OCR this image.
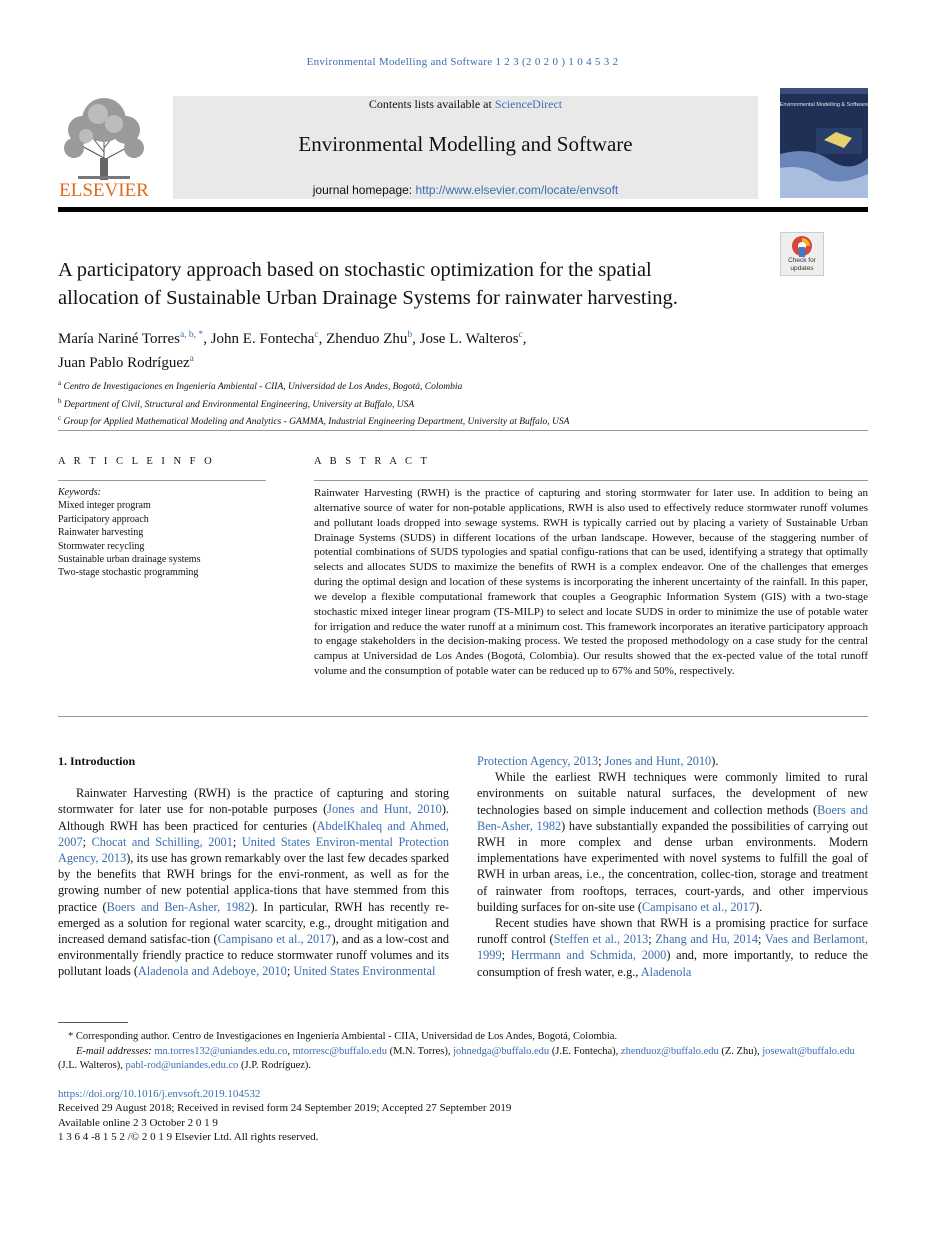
Environmental Modelling and Software 1 2 3 (2 0 2 0 ) 1 0 4 5 3 2
ELSEVIER
Contents lists available at ScienceDirect
Environmental Modelling and Software
journal homepage: http://www.elsevier.com/locate/envsoft
Environmental Modelling & Software
Check for updates
A participatory approach based on stochastic optimization for the spatial
allocation of Sustainable Urban Drainage Systems for rainwater harvesting.
María Nariné Torres$^{a, b, *}$, John E. Fontecha$^c$, Zhenduo Zhu$^b$, Jose L. Walteros$^c$,
Juan Pablo Rodríguez$^a$
$^a$ Centro de Investigaciones en Ingeniería Ambiental - CIIA, Universidad de Los Andes, Bogotá, Colombia
$^b$ Department of Civil, Structural and Environmental Engineering, University at Buffalo, USA
$^c$ Group for Applied Mathematical Modeling and Analytics - GAMMA, Industrial Engineering Department, University at Buffalo, USA
A R T I C L E I N F O
Keywords:
Mixed integer program
Participatory approach
Rainwater harvesting
Stormwater recycling
Sustainable urban drainage systems
Two-stage stochastic programming
A B S T R A C T
Rainwater Harvesting (RWH) is the practice of capturing and storing stormwater for later use. In addition to being an alternative source of water for non-potable applications, RWH is also used to effectively reduce stormwater runoff volumes and pollutant loads dropped into sewage systems. RWH is typically carried out by placing a variety of Sustainable Urban Drainage Systems (SUDS) in different locations of the urban landscape. However, because of the staggering number of potential combinations of SUDS typologies and spatial configu-rations that can be used, identifying a strategy that optimally selects and allocates SUDS to maximize the benefits of RWH is a complex endeavor. One of the challenges that emerges during the optimal design and location of these systems is incorporating the inherent uncertainty of the rainfall. In this paper, we develop a flexible computational framework that couples a Geographic Information System (GIS) with a two-stage stochastic mixed integer linear program (TS-MILP) to select and locate SUDS in order to minimize the use of potable water for irrigation and reduce the water runoff at a minimum cost. This framework incorporates an iterative participatory approach to engage stakeholders in the decision-making process. We tested the proposed methodology on a case study for the central campus at Universidad de Los Andes (Bogotá, Colombia). Our results showed that the ex-pected value of the total runoff volume and the consumption of potable water can be reduced up to 67% and 50%, respectively.
1. Introduction

Rainwater Harvesting (RWH) is the practice of capturing and storing stormwater for later use for non-potable purposes (Jones and Hunt, 2010). Although RWH has been practiced for centuries (AbdelKhaleq and Ahmed, 2007; Chocat and Schilling, 2001; United States Environ-mental Protection Agency, 2013), its use has grown remarkably over the last few decades sparked by the benefits that RWH brings for the envi-ronment, as well as for the growing number of new potential applica-tions that have stemmed from this practice (Boers and Ben-Asher, 1982). In particular, RWH has recently re-emerged as a solution for regional water scarcity, e.g., drought mitigation and increased demand satisfac-tion (Campisano et al., 2017), and as a low-cost and environmentally friendly practice to reduce stormwater runoff volumes and its pollutant loads (Aladenola and Adeboye, 2010; United States Environmental

Protection Agency, 2013; Jones and Hunt, 2010).

While the earliest RWH techniques were commonly limited to rural environments on suitable natural surfaces, the development of new technologies based on simple inducement and collection methods (Boers and Ben-Asher, 1982) have substantially expanded the possibilities of carrying out RWH in more complex and dense urban environments. Modern implementations have experimented with novel systems to fulfill the goal of RWH in urban areas, i.e., the concentration, collec-tion, storage and treatment of rainwater from rooftops, terraces, court-yards, and other impervious building surfaces for on-site use (Campisano et al., 2017).

Recent studies have shown that RWH is a promising practice for surface runoff control (Steffen et al., 2013; Zhang and Hu, 2014; Vaes and Berlamont, 1999; Herrmann and Schmida, 2000) and, more importantly, to reduce the consumption of fresh water, e.g., Aladenola

* Corresponding author. Centro de Investigaciones en Ingeniería Ambiental - CIIA, Universidad de Los Andes, Bogotá, Colombia.
E-mail addresses: mn.torres132@uniandes.edu.co, mtorresc@buffalo.edu (M.N. Torres), johnedga@buffalo.edu (J.E. Fontecha), zhenduoz@buffalo.edu (Z. Zhu), josewalt@buffalo.edu (J.L. Walteros), pabl-rod@uniandes.edu.co (J.P. Rodríguez).
https://doi.org/10.1016/j.envsoft.2019.104532
Received 29 August 2018; Received in revised form 24 September 2019; Accepted 27 September 2019
Available online 2 3 October 2 0 1 9
1 3 6 4 -8 1 5 2 /© 2 0 1 9 Elsevier Ltd. All rights reserved.
